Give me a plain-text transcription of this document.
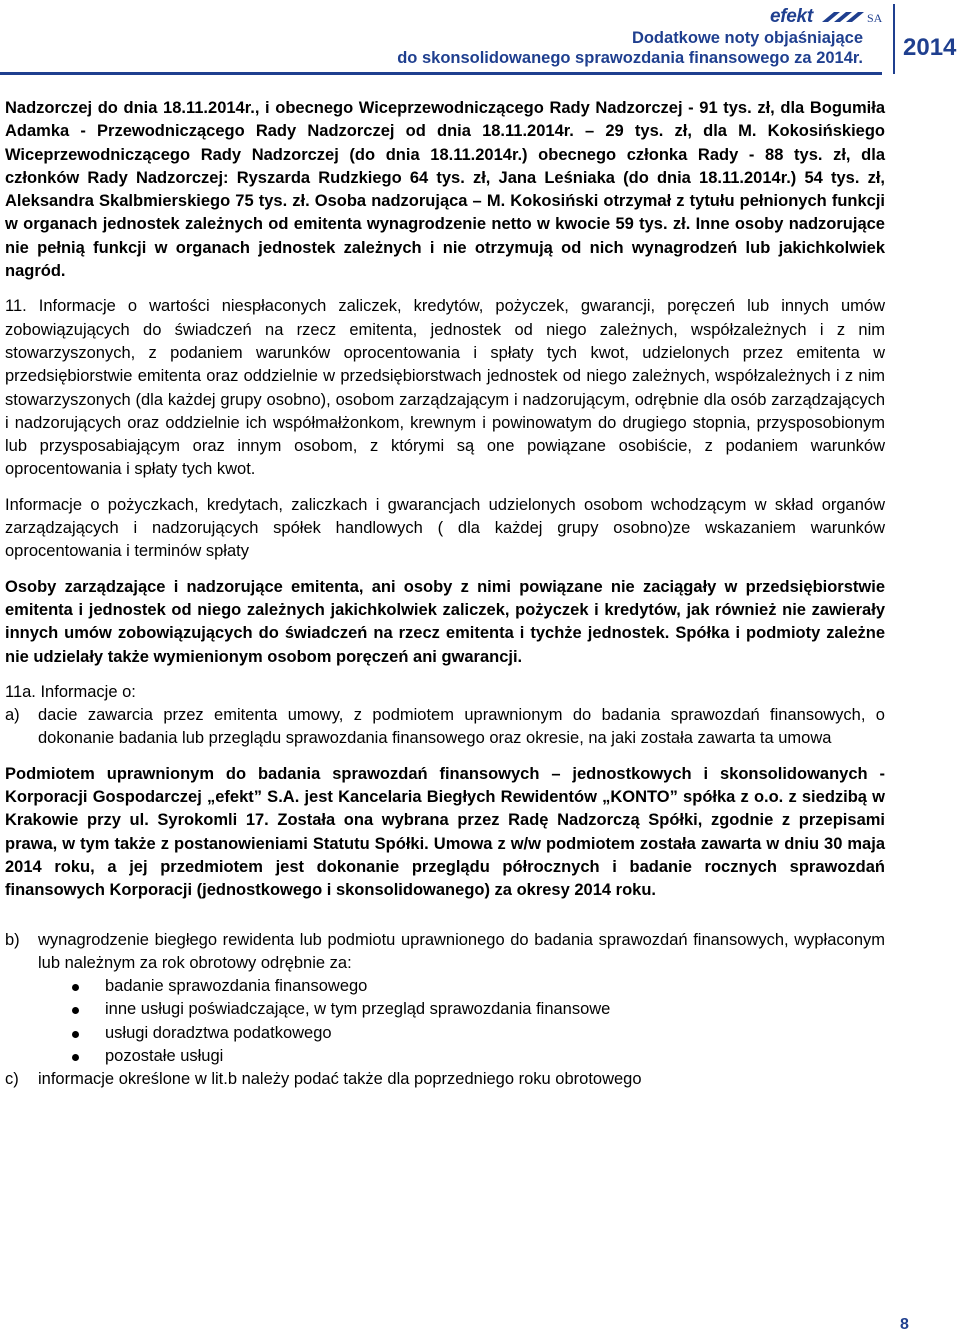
Dodatkowe noty objaśniające
do skonsolidowanego sprawozdania finansowego za 2014r.
efekt	SA
2014

Nadzorczej do dnia 18.11.2014r., i obecnego Wiceprzewodniczącego Rady Nadzorczej - 91 tys. zł, dla Bogumiła Adamka - Przewodniczącego Rady Nadzorczej od dnia 18.11.2014r. – 29 tys. zł, dla M. Kokosińskiego Wiceprzewodniczącego Rady Nadzorczej (do dnia 18.11.2014r.) obecnego członka Rady - 88 tys. zł, dla członków Rady Nadzorczej: Ryszarda Rudzkiego 64 tys. zł, Jana Leśniaka (do dnia 18.11.2014r.) 54 tys. zł, Aleksandra Skalbmierskiego 75 tys. zł. Osoba nadzorująca – M. Kokosiński otrzymał z tytułu pełnionych funkcji w organach jednostek zależnych od emitenta wynagrodzenie netto w kwocie 59 tys. zł. Inne osoby nadzorujące nie pełnią funkcji w organach jednostek zależnych i nie otrzymują od nich wynagrodzeń lub jakichkolwiek nagród.

11. Informacje o wartości niespłaconych zaliczek, kredytów, pożyczek, gwarancji, poręczeń lub innych umów zobowiązujących do świadczeń na rzecz emitenta, jednostek od niego zależnych, współzależnych i z nim stowarzyszonych, z podaniem warunków oprocentowania i spłaty tych kwot, udzielonych przez emitenta w przedsiębiorstwie emitenta oraz oddzielnie w przedsiębiorstwach jednostek od niego zależnych, współzależnych i z nim stowarzyszonych (dla każdej grupy osobno), osobom zarządzającym i nadzorującym, odrębnie dla osób zarządzających i nadzorujących oraz oddzielnie ich współmałżonkom, krewnym i powinowatym do drugiego stopnia, przysposobionym lub przysposabiającym oraz innym osobom, z którymi są one powiązane osobiście, z podaniem warunków oprocentowania i spłaty tych kwot.

Informacje o pożyczkach, kredytach, zaliczkach i gwarancjach udzielonych osobom wchodzącym w skład organów zarządzających i nadzorujących spółek handlowych ( dla każdej grupy osobno)ze wskazaniem warunków oprocentowania i terminów spłaty

Osoby zarządzające i nadzorujące emitenta, ani osoby z nimi powiązane nie zaciągały w przedsiębiorstwie emitenta i jednostek od niego zależnych jakichkolwiek zaliczek, pożyczek i kredytów, jak również nie zawierały innych umów zobowiązujących do świadczeń na rzecz emitenta i tychże jednostek. Spółka i podmioty zależne nie udzielały także wymienionym osobom poręczeń ani gwarancji.

11a. Informacje o:

a)	dacie zawarcia przez emitenta umowy, z podmiotem uprawnionym do badania sprawozdań finansowych, o dokonanie badania lub przeglądu sprawozdania finansowego oraz okresie, na jaki została zawarta ta umowa

Podmiotem uprawnionym do badania sprawozdań finansowych – jednostkowych i skonsolidowanych - Korporacji Gospodarczej „efekt” S.A. jest Kancelaria Biegłych Rewidentów „KONTO” spółka z o.o. z siedzibą w Krakowie przy ul. Syrokomli 17. Została ona wybrana przez Radę Nadzorczą Spółki, zgodnie z przepisami prawa, w tym także z postanowieniami Statutu Spółki. Umowa z w/w podmiotem została zawarta w dniu 30 maja 2014 roku, a jej przedmiotem jest dokonanie przeglądu półrocznych i badanie rocznych sprawozdań finansowych Korporacji (jednostkowego i skonsolidowanego) za okresy 2014 roku.

b)	wynagrodzenie biegłego rewidenta lub podmiotu uprawnionego do badania sprawozdań finansowych, wypłaconym lub należnym za rok obrotowy odrębnie za:
badanie sprawozdania finansowego
inne usługi poświadczające, w tym przegląd sprawozdania finansowe
usługi doradztwa podatkowego
pozostałe usługi
c)	informacje określone w lit.b należy podać także dla poprzedniego roku obrotowego
8
